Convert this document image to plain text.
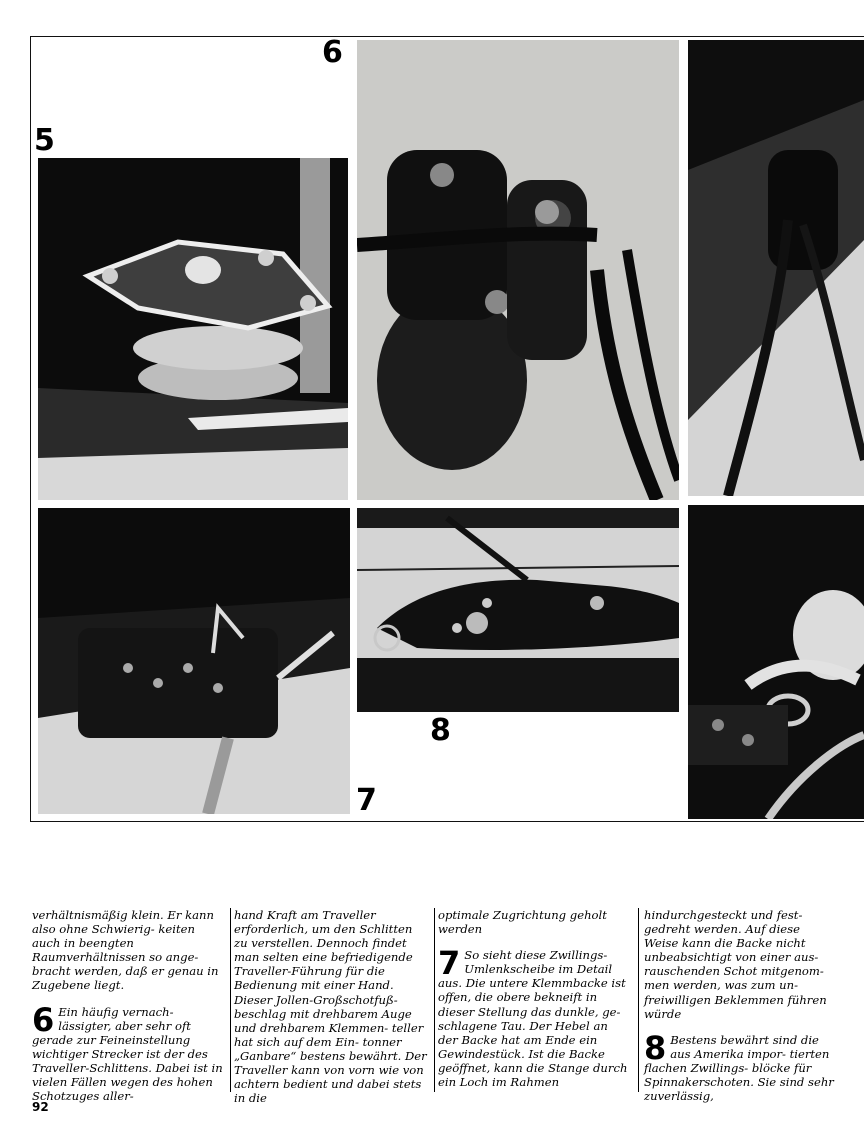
5
6
8
7

verhältnismäßig klein. Er kann also ohne Schwierig- keiten auch in beengten Raumverhältnissen so ange- bracht werden, daß er genau in Zugebene liegt.

6 Ein häufig vernach- lässigter, aber sehr oft gerade zur Feineinstellung wichtiger Strecker ist der des Traveller-Schlittens. Dabei ist in vielen Fällen wegen des hohen Schotzuges aller-

hand Kraft am Traveller erforderlich, um den Schlitten zu verstellen. Dennoch findet man selten eine befriedigende Traveller-Führung für die Bedienung mit einer Hand. Dieser Jollen-Großschotfuß- beschlag mit drehbarem Auge und drehbarem Klemmen- teller hat sich auf dem Ein- tonner „Ganbare“ bestens bewährt. Der Traveller kann von vorn wie von achtern bedient und dabei stets in die

optimale Zugrichtung geholt werden

7 So sieht diese Zwillings-Umlenkscheibe im Detail aus. Die untere Klemmbacke ist offen, die obere bekneift in dieser Stellung das dunkle, ge- schlagene Tau. Der Hebel an der Backe hat am Ende ein Gewindestück. Ist die Backe geöffnet, kann die Stange durch ein Loch im Rahmen

hindurchgesteckt und fest- gedreht werden. Auf diese Weise kann die Backe nicht unbeabsichtigt von einer aus- rauschenden Schot mitgenom- men werden, was zum un- freiwilligen Beklemmen führen würde

8 Bestens bewährt sind die aus Amerika impor- tierten flachen Zwillings- blöcke für Spinnakerschoten. Sie sind sehr zuverlässig,

92
